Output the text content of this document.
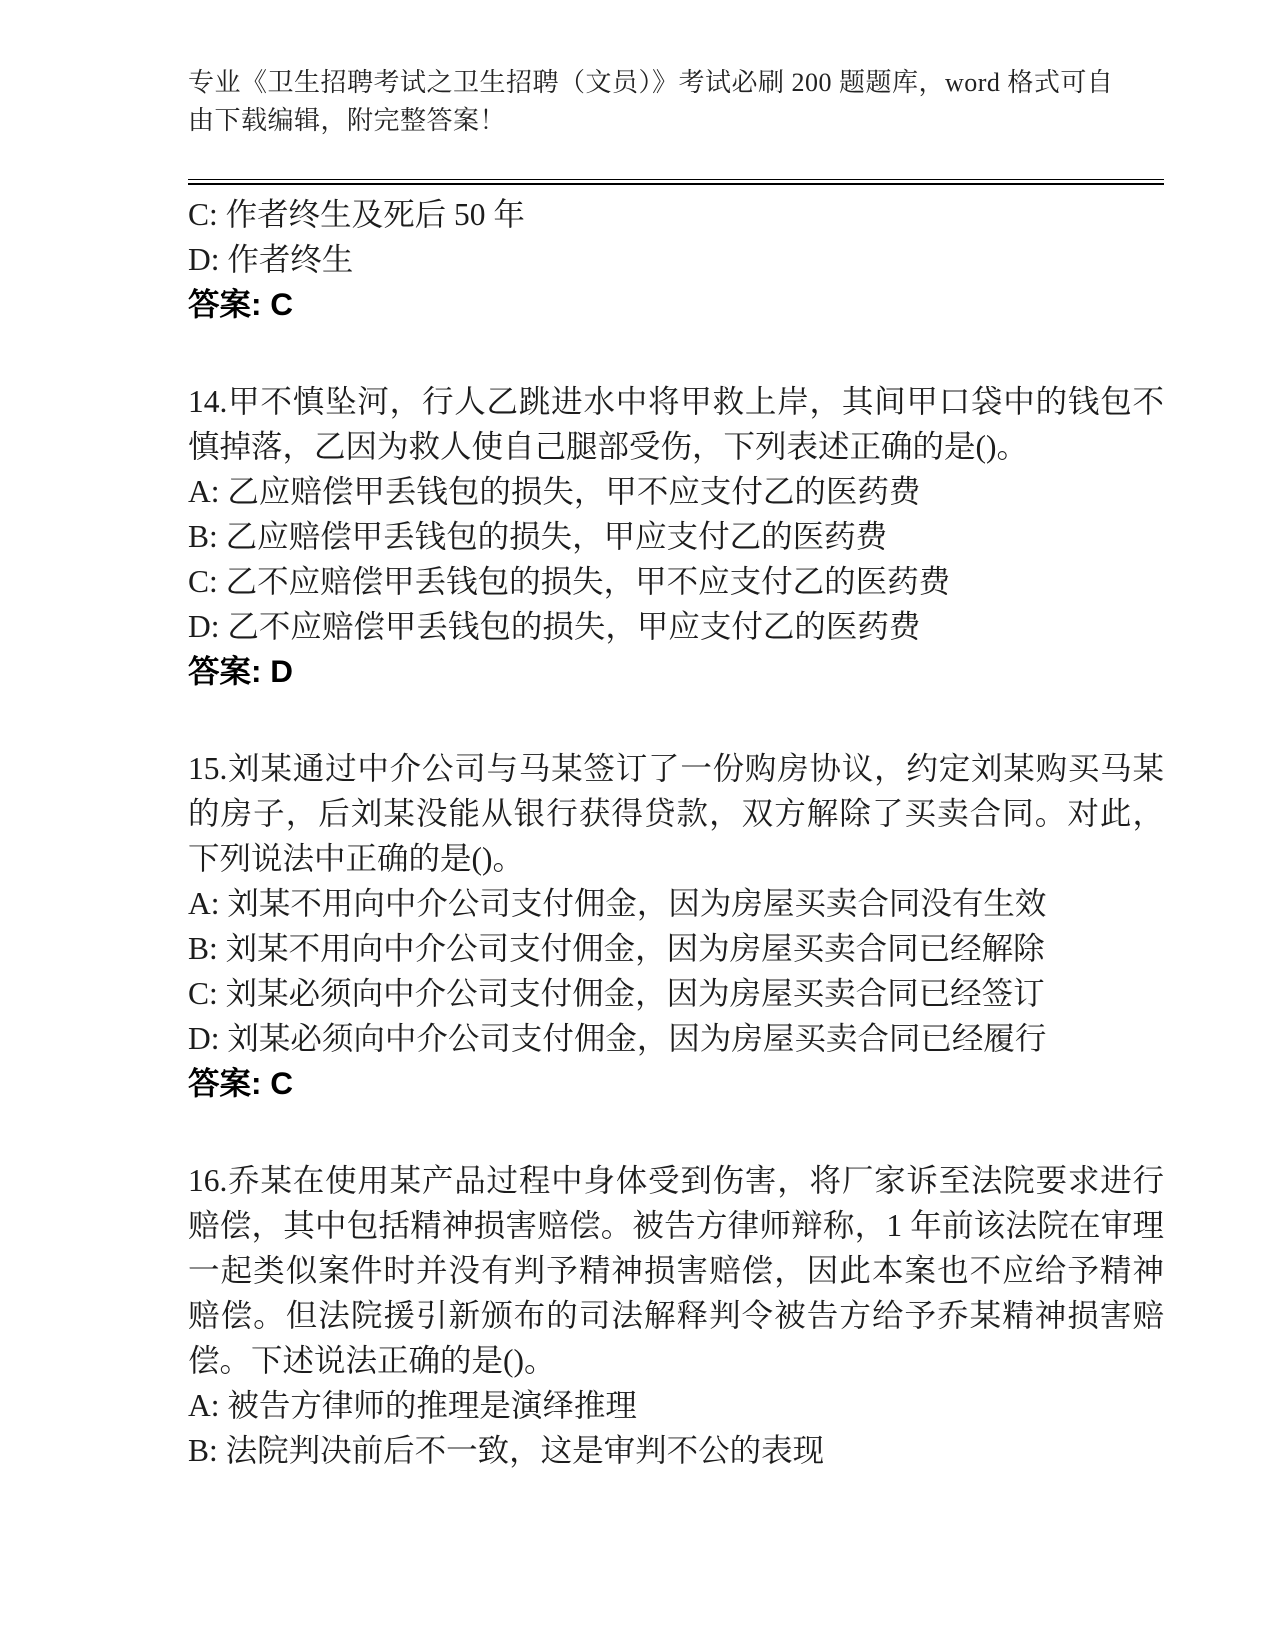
专业《卫生招聘考试之卫生招聘（文员）》考试必刷 200 题题库，word 格式可自
由下载编辑，附完整答案！
C: 作者终生及死后 50 年
D: 作者终生
答案: C
14.甲不慎坠河，行人乙跳进水中将甲救上岸，其间甲口袋中的钱包不慎掉落，乙因为救人使自己腿部受伤，下列表述正确的是()。
A: 乙应赔偿甲丢钱包的损失，甲不应支付乙的医药费
B: 乙应赔偿甲丢钱包的损失，甲应支付乙的医药费
C: 乙不应赔偿甲丢钱包的损失，甲不应支付乙的医药费
D: 乙不应赔偿甲丢钱包的损失，甲应支付乙的医药费
答案: D
15.刘某通过中介公司与马某签订了一份购房协议，约定刘某购买马某的房子，后刘某没能从银行获得贷款，双方解除了买卖合同。对此，下列说法中正确的是()。
A: 刘某不用向中介公司支付佣金，因为房屋买卖合同没有生效
B: 刘某不用向中介公司支付佣金，因为房屋买卖合同已经解除
C: 刘某必须向中介公司支付佣金，因为房屋买卖合同已经签订
D: 刘某必须向中介公司支付佣金，因为房屋买卖合同已经履行
答案: C
16.乔某在使用某产品过程中身体受到伤害，将厂家诉至法院要求进行赔偿，其中包括精神损害赔偿。被告方律师辩称，1 年前该法院在审理一起类似案件时并没有判予精神损害赔偿，因此本案也不应给予精神赔偿。但法院援引新颁布的司法解释判令被告方给予乔某精神损害赔偿。下述说法正确的是()。
A: 被告方律师的推理是演绎推理
B: 法院判决前后不一致，这是审判不公的表现
